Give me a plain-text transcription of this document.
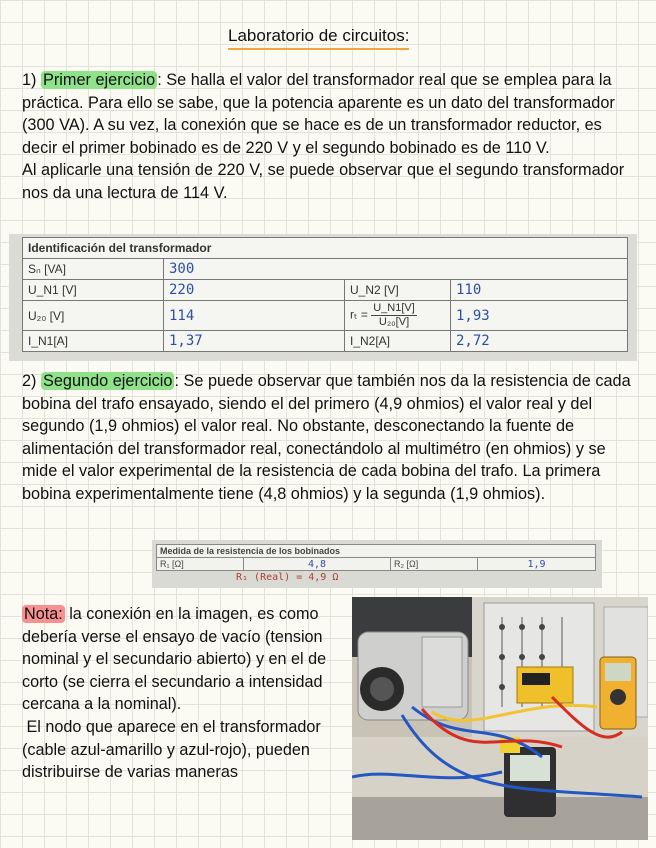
Laboratorio de circuitos:

1) Primer ejercicio : Se halla el valor del transformador real que se emplea para la práctica. Para ello se sabe, que la potencia aparente es un dato del transformador (300 VA). A su vez, la conexión que se hace es de un transformador reductor, es decir el primer bobinado es de 220 V y el segundo bobinado es de 110 V.
Al aplicarle una tensión de 220 V, se puede observar que el segundo transformador nos da una lectura de 114 V.

Identificación del transformador			
Sₙ [VA]	300		
U_N1 [V]	220	U_N2 [V]	110
U₂₀ [V]	114	$r_t = \frac{U\_N1[V]}{\text{U₂₀[V]}}$	1,93
I_N1[A]	1,37	I_N2[A]	2,72

2) Segundo ejercicio : Se puede observar que también nos da la resistencia de cada bobina del trafo ensayado, siendo el del primero (4,9 ohmios) el valor real y del segundo (1,9 ohmios) el valor real. No obstante, desconectando la fuente de alimentación del transformador real, conectándolo al multimétro (en ohmios) y se mide el valor experimental de la resistencia de cada bobina del trafo. La primera bobina experimentalmente tiene (4,8 ohmios) y la segunda (1,9 ohmios).

Medida de la resistencia de los bobinados
R₁ [Ω]	4,8	R₂ [Ω]	1,9
R₁ (Real) = 4,9 Ω

Nota: la conexión en la imagen, es como debería verse el ensayo de vacío (tension nominal y el secundario abierto) y en el de corto (se cierra el secundario a intensidad cercana a la nominal).
El nodo que aparece en el transformador (cable azul-amarillo y azul-rojo), pueden distribuirse de varias maneras
